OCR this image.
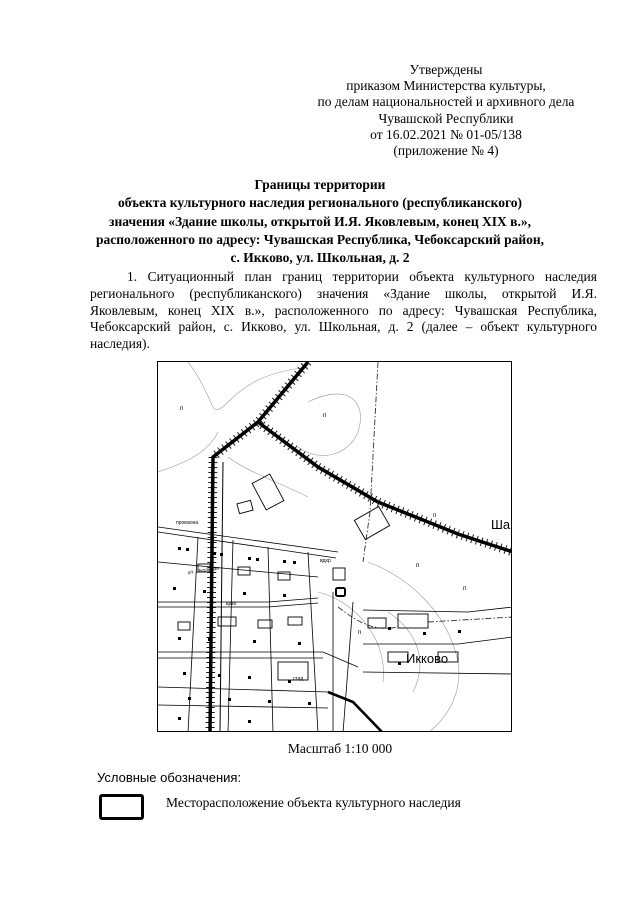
Утверждены
приказом Министерства культуры,
по делам национальностей и архивного дела
Чувашской Республики
от 16.02.2021 № 01-05/138
(приложение № 4)
Границы территории
объекта культурного наследия регионального (республиканского)
значения «Здание школы, открытой И.Я. Яковлевым, конец XIX в.»,
расположенного по адресу: Чувашская Республика, Чебоксарский район,
с. Икково, ул. Школьная, д. 2
1. Ситуационный план границ территории объекта культурного наследия регионального (республиканского) значения «Здание школы, открытой И.Я. Яковлевым, конец XIX в.», расположенного по адресу: Чувашская Республика, Чебоксарский район, с. Икково, ул. Школьная, д. 2 (далее – объект культурного наследия).
Икково
Ша
п
п
п
п
п
п
ул. Школьная
промзона
стад.
вдхр
вдкп
Масштаб 1:10 000
Условные обозначения:
Месторасположение объекта культурного наследия
